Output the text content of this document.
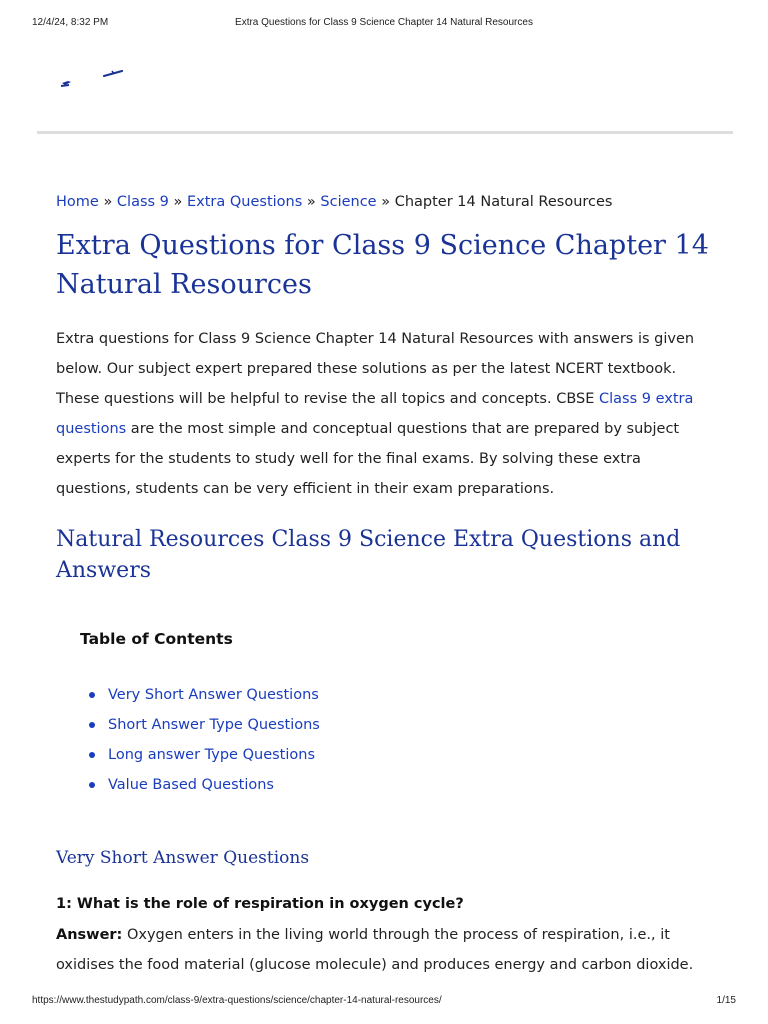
12/4/24, 8:32 PM	Extra Questions for Class 9 Science Chapter 14 Natural Resources
Home » Class 9 » Extra Questions » Science » Chapter 14 Natural Resources
Extra Questions for Class 9 Science Chapter 14 Natural Resources

Extra questions for Class 9 Science Chapter 14 Natural Resources with answers is given below. Our subject expert prepared these solutions as per the latest NCERT textbook. These questions will be helpful to revise the all topics and concepts. CBSE Class 9 extra questions are the most simple and conceptual questions that are prepared by subject experts for the students to study well for the final exams. By solving these extra questions, students can be very efficient in their exam preparations.

Natural Resources Class 9 Science Extra Questions and Answers
Table of Contents
Very Short Answer Questions
Short Answer Type Questions
Long answer Type Questions
Value Based Questions
Very Short Answer Questions

1: What is the role of respiration in oxygen cycle?

Answer: Oxygen enters in the living world through the process of respiration, i.e., it oxidises the food material (glucose molecule) and produces energy and carbon dioxide.

https://www.thestudypath.com/class-9/extra-questions/science/chapter-14-natural-resources/	1/15
